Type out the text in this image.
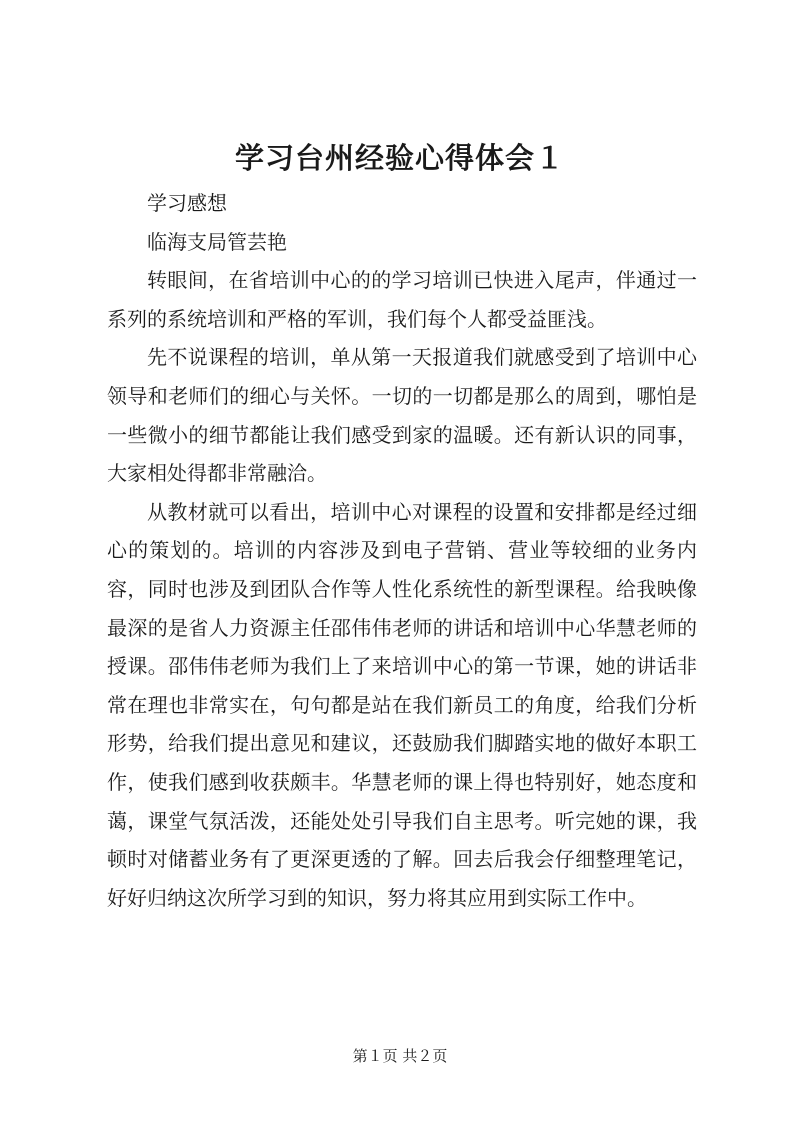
学习台州经验心得体会１

学习感想

临海支局管芸艳

转眼间，在省培训中心的的学习培训已快进入尾声，伴通过一系列的系统培训和严格的军训，我们每个人都受益匪浅。

先不说课程的培训，单从第一天报道我们就感受到了培训中心领导和老师们的细心与关怀。一切的一切都是那么的周到，哪怕是一些微小的细节都能让我们感受到家的温暖。还有新认识的同事，大家相处得都非常融洽。

从教材就可以看出，培训中心对课程的设置和安排都是经过细心的策划的。培训的内容涉及到电子营销、营业等较细的业务内容，同时也涉及到团队合作等人性化系统性的新型课程。给我映像最深的是省人力资源主任邵伟伟老师的讲话和培训中心华慧老师的授课。邵伟伟老师为我们上了来培训中心的第一节课，她的讲话非常在理也非常实在，句句都是站在我们新员工的角度，给我们分析形势，给我们提出意见和建议，还鼓励我们脚踏实地的做好本职工作，使我们感到收获颇丰。华慧老师的课上得也特别好，她态度和蔼，课堂气氛活泼，还能处处引导我们自主思考。听完她的课，我顿时对储蓄业务有了更深更透的了解。回去后我会仔细整理笔记，好好归纳这次所学习到的知识，努力将其应用到实际工作中。

第１页 共２页
